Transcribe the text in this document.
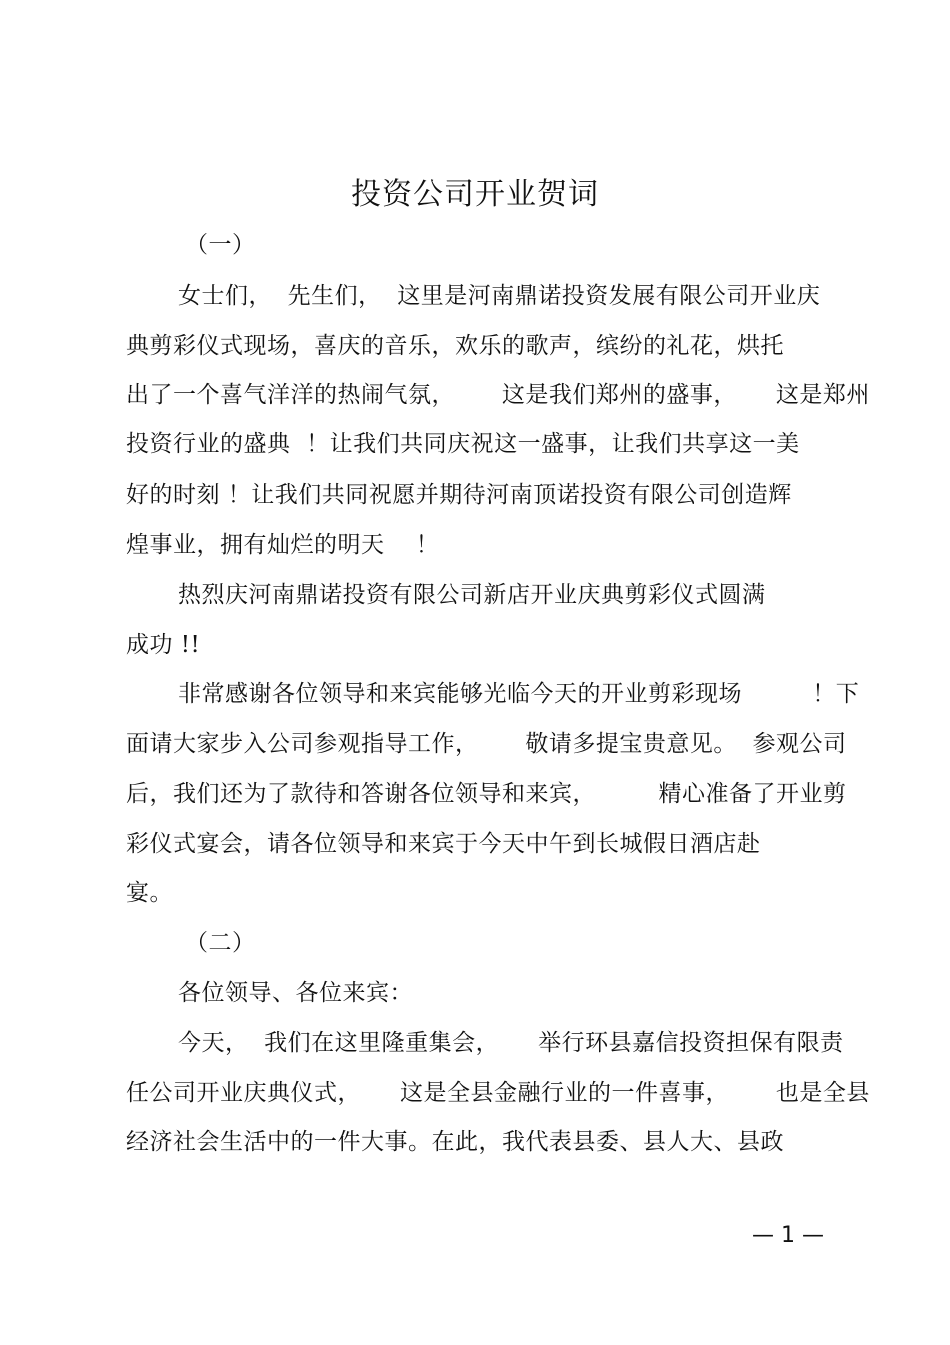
投资公司开业贺词
（一）
女士们，  先生们，  这里是河南鼎诺投资发展有限公司开业庆
典剪彩仪式现场，喜庆的音乐，欢乐的歌声，缤纷的礼花，烘托
出了一个喜气洋洋的热闹气氛，      这是我们郑州的盛事，     这是郑州
投资行业的盛典  ！让我们共同庆祝这一盛事，让我们共享这一美
好的时刻 ！让我们共同祝愿并期待河南顶诺投资有限公司创造辉
煌事业，拥有灿烂的明天    ！
热烈庆河南鼎诺投资有限公司新店开业庆典剪彩仪式圆满
成功 !!
非常感谢各位领导和来宾能够光临今天的开业剪彩现场         ！下
面请大家步入公司参观指导工作，      敬请多提宝贵意见。  参观公司
后，我们还为了款待和答谢各位领导和来宾，        精心准备了开业剪
彩仪式宴会，请各位领导和来宾于今天中午到长城假日酒店赴
宴。
（二）
各位领导、各位来宾：
今天，  我们在这里隆重集会，     举行环县嘉信投资担保有限责
任公司开业庆典仪式，     这是全县金融行业的一件喜事，      也是全县
经济社会生活中的一件大事。在此，我代表县委、县人大、县政
— 1 —
